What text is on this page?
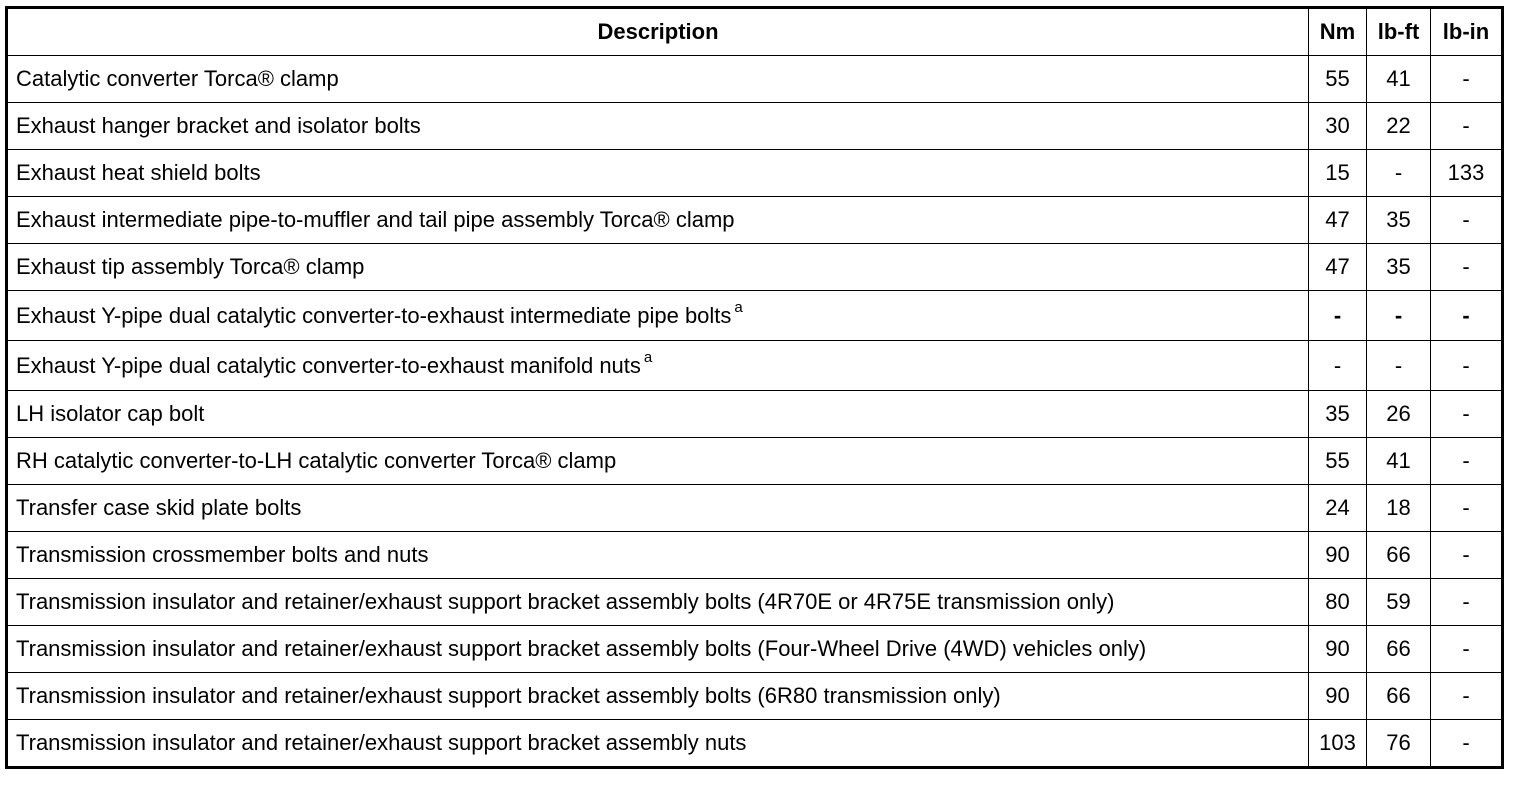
Description	Nm	lb-ft	lb-in
Catalytic converter Torca® clamp	55	41	-
Exhaust hanger bracket and isolator bolts	30	22	-
Exhaust heat shield bolts	15	-	133
Exhaust intermediate pipe-to-muffler and tail pipe assembly Torca® clamp	47	35	-
Exhaust tip assembly Torca® clamp	47	35	-
Exhaust Y-pipe dual catalytic converter-to-exhaust intermediate pipe bolts $^a$	-	-	-
Exhaust Y-pipe dual catalytic converter-to-exhaust manifold nuts $^a$	-	-	-
LH isolator cap bolt	35	26	-
RH catalytic converter-to-LH catalytic converter Torca® clamp	55	41	-
Transfer case skid plate bolts	24	18	-
Transmission crossmember bolts and nuts	90	66	-
Transmission insulator and retainer/exhaust support bracket assembly bolts (4R70E or 4R75E transmission only)	80	59	-
Transmission insulator and retainer/exhaust support bracket assembly bolts (Four-Wheel Drive (4WD) vehicles only)	90	66	-
Transmission insulator and retainer/exhaust support bracket assembly bolts (6R80 transmission only)	90	66	-
Transmission insulator and retainer/exhaust support bracket assembly nuts	103	76	-
